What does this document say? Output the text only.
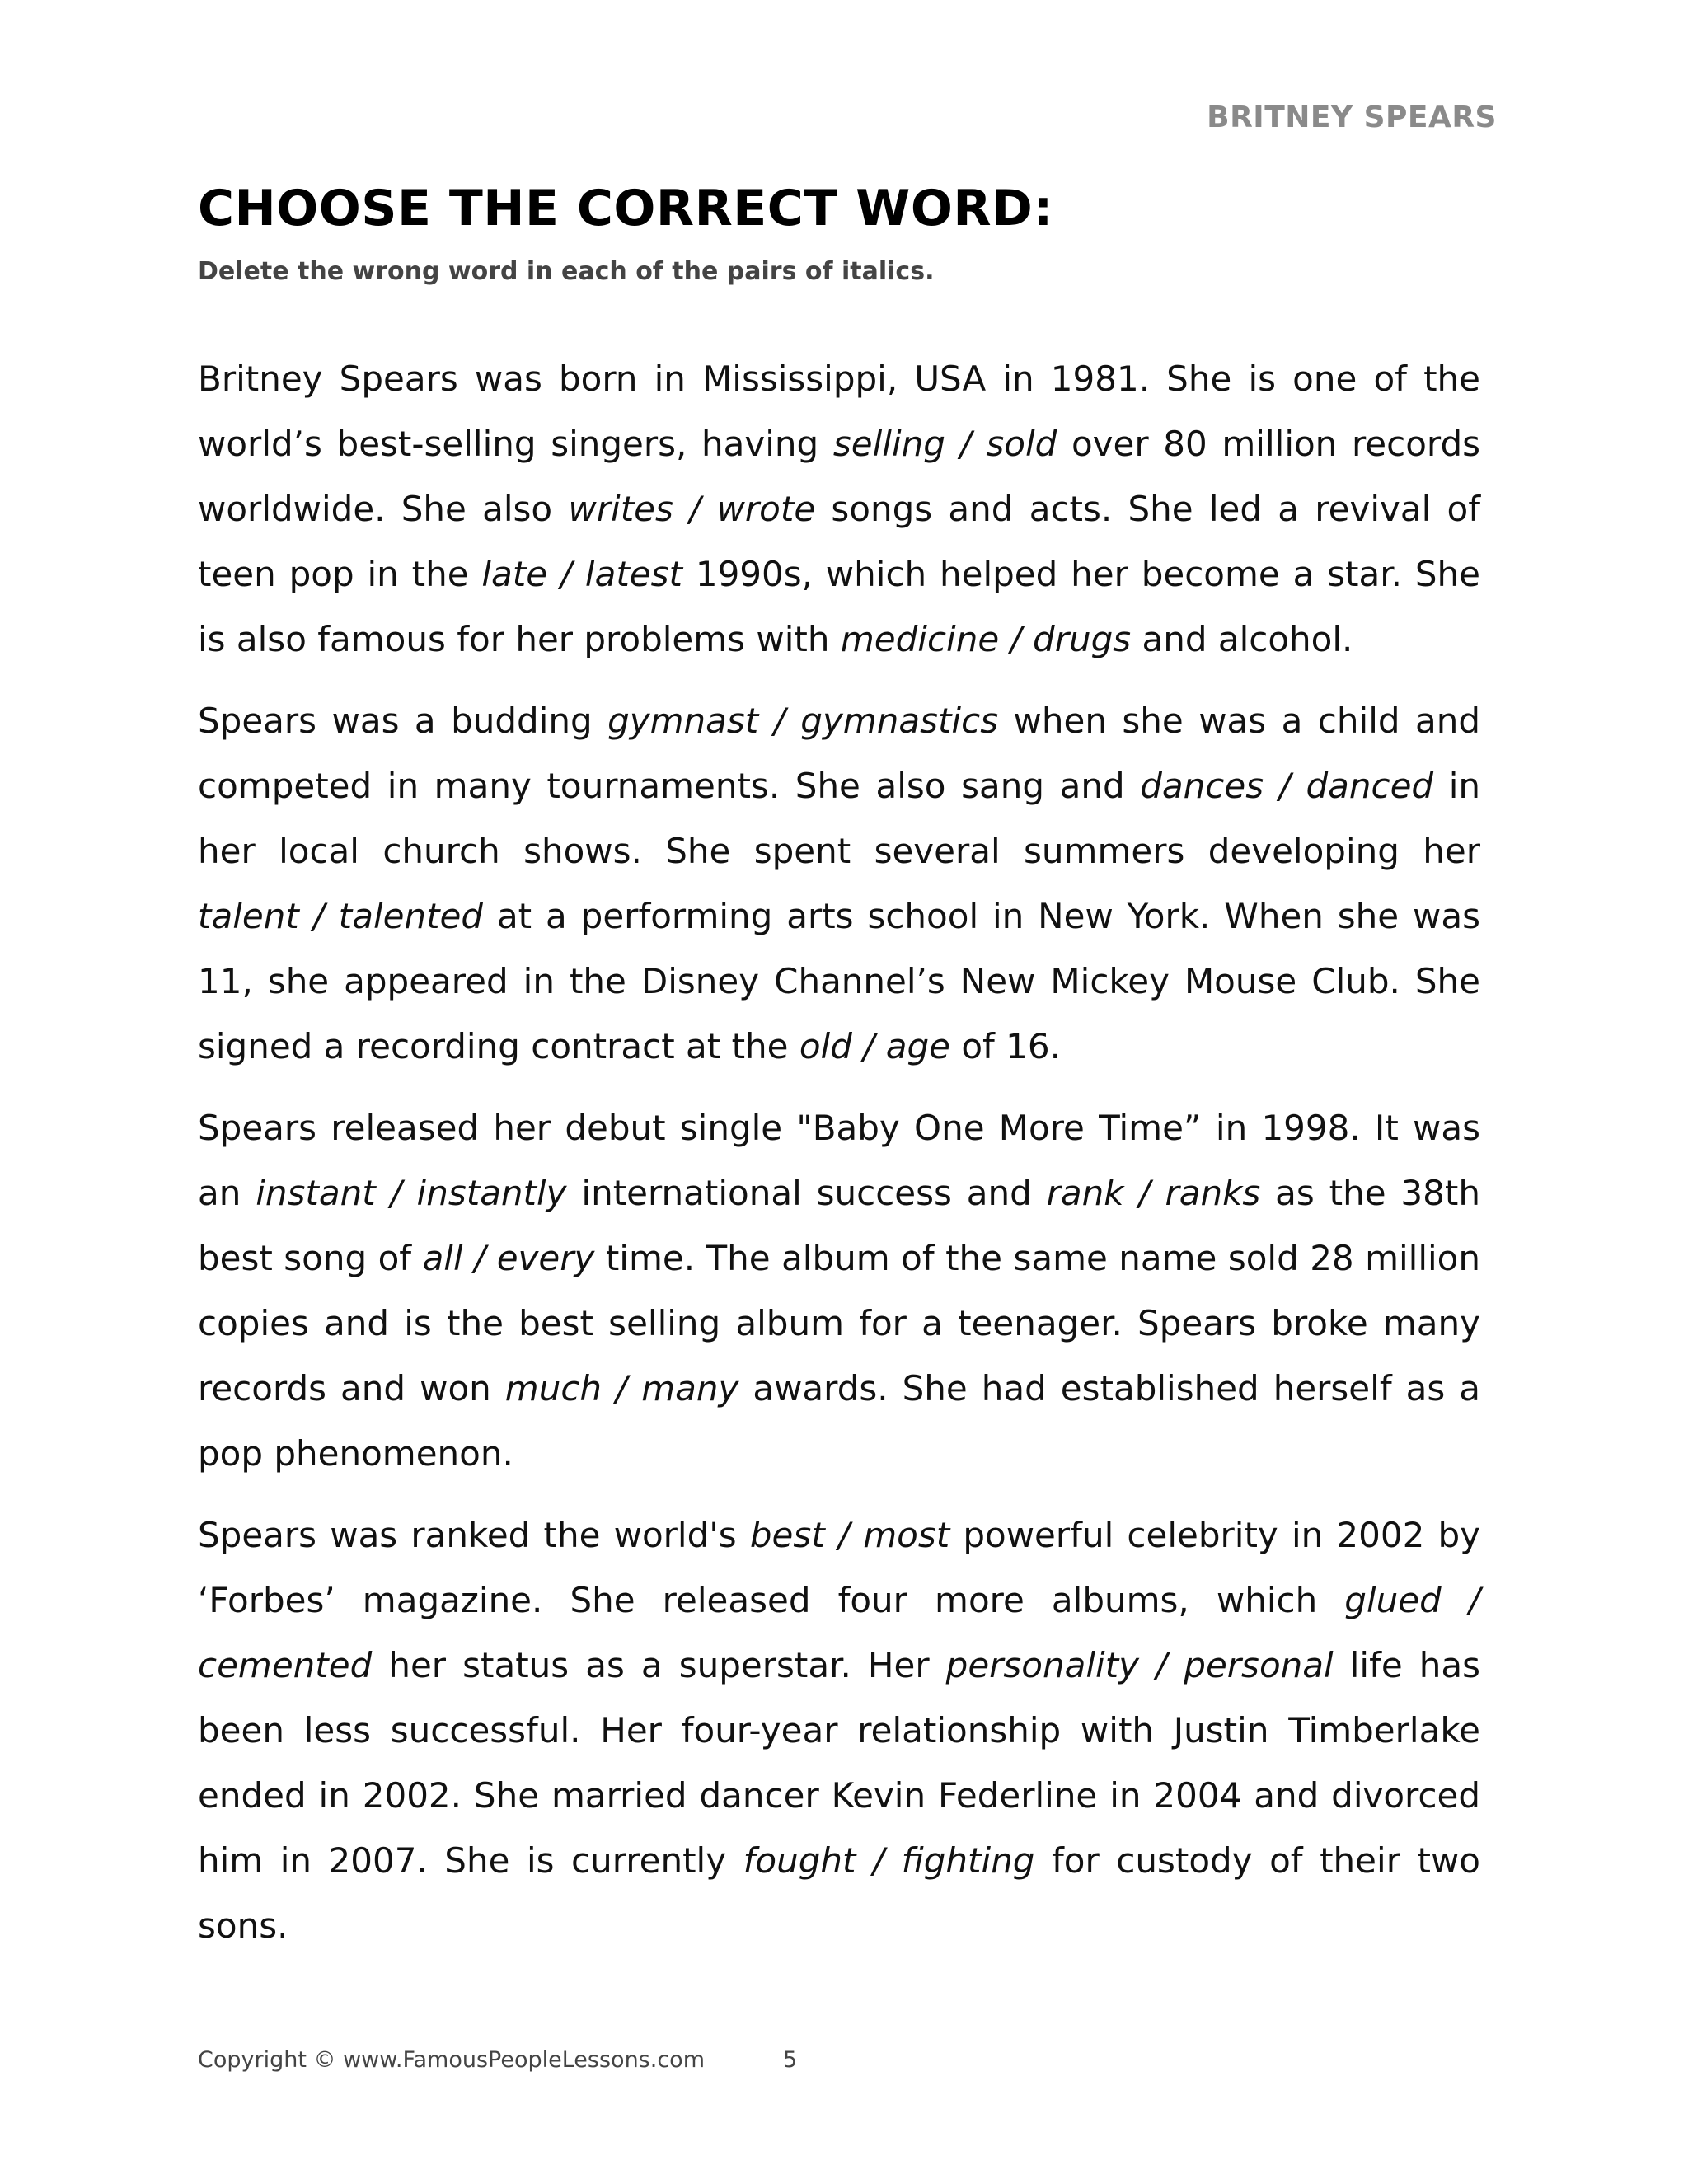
BRITNEY SPEARS

CHOOSE THE CORRECT WORD:

Delete the wrong word in each of the pairs of italics.

Britney Spears was born in Mississippi, USA in 1981. She is one of the world’s best-selling singers, having selling / sold over 80 million records worldwide. She also writes / wrote songs and acts. She led a revival of teen pop in the late / latest 1990s, which helped her become a star. She is also famous for her problems with medicine / drugs and alcohol.

Spears was a budding gymnast / gymnastics when she was a child and competed in many tournaments. She also sang and dances / danced in her local church shows. She spent several summers developing her talent / talented at a performing arts school in New York. When she was 11, she appeared in the Disney Channel’s New Mickey Mouse Club. She signed a recording contract at the old / age of 16.

Spears released her debut single "Baby One More Time” in 1998. It was an instant / instantly international success and rank / ranks as the 38th best song of all / every time. The album of the same name sold 28 million copies and is the best selling album for a teenager. Spears broke many records and won much / many awards. She had established herself as a pop phenomenon.

Spears was ranked the world's best / most powerful celebrity in 2002 by ‘Forbes’ magazine. She released four more albums, which glued / cemented her status as a superstar. Her personality / personal life has been less successful. Her four-year relationship with Justin Timberlake ended in 2002. She married dancer Kevin Federline in 2004 and divorced him in 2007. She is currently fought / fighting for custody of their two sons.

Copyright © www.FamousPeopleLessons.com	5
